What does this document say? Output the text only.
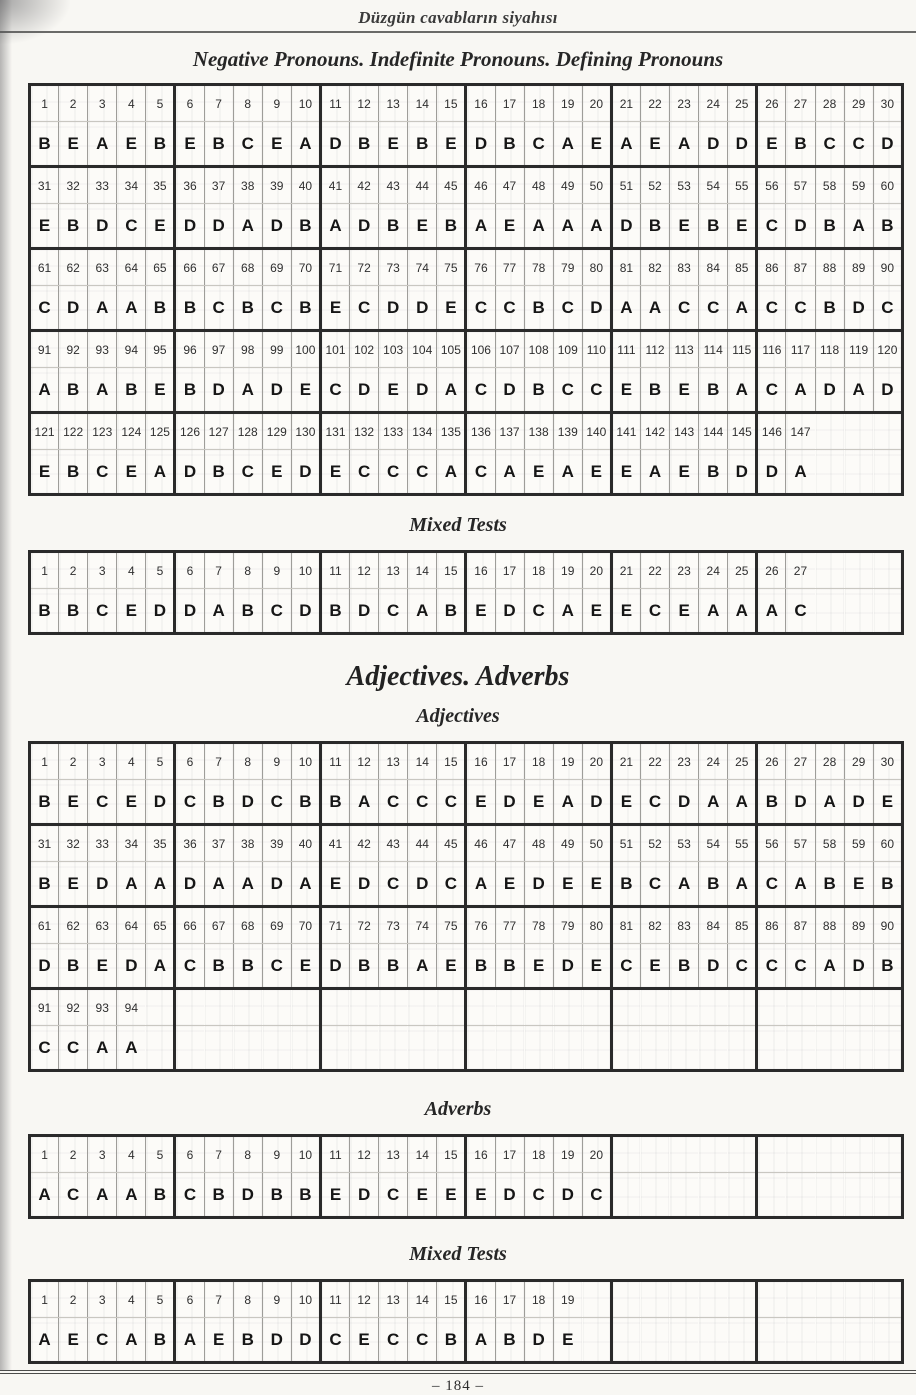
Düzgün cavabların siyahısı
Negative Pronouns. Indefinite Pronouns. Defining Pronouns
1	2	3	4	5	6	7	8	9	10	11	12	13	14	15	16	17	18	19	20	21	22	23	24	25	26	27	28	29	30
B	E	A	E	B	E	B	C	E	A	D	B	E	B	E	D	B	C	A	E	A	E	A	D	D	E	B	C	C	D
31	32	33	34	35	36	37	38	39	40	41	42	43	44	45	46	47	48	49	50	51	52	53	54	55	56	57	58	59	60
E	B	D	C	E	D	D	A	D	B	A	D	B	E	B	A	E	A	A	A	D	B	E	B	E	C	D	B	A	B
61	62	63	64	65	66	67	68	69	70	71	72	73	74	75	76	77	78	79	80	81	82	83	84	85	86	87	88	89	90
C	D	A	A	B	B	C	B	C	B	E	C	D	D	E	C	C	B	C	D	A	A	C	C	A	C	C	B	D	C
91	92	93	94	95	96	97	98	99	100	101	102	103	104	105	106	107	108	109	110	111	112	113	114	115	116	117	118	119	120
A	B	A	B	E	B	D	A	D	E	C	D	E	D	A	C	D	B	C	C	E	B	E	B	A	C	A	D	A	D
121	122	123	124	125	126	127	128	129	130	131	132	133	134	135	136	137	138	139	140	141	142	143	144	145	146	147			
E	B	C	E	A	D	B	C	E	D	E	C	C	C	A	C	A	E	A	E	E	A	E	B	D	D	A			
Mixed Tests
1	2	3	4	5	6	7	8	9	10	11	12	13	14	15	16	17	18	19	20	21	22	23	24	25	26	27			
B	B	C	E	D	D	A	B	C	D	B	D	C	A	B	E	D	C	A	E	E	C	E	A	A	A	C			
Adjectives. Adverbs
Adjectives
1	2	3	4	5	6	7	8	9	10	11	12	13	14	15	16	17	18	19	20	21	22	23	24	25	26	27	28	29	30
B	E	C	E	D	C	B	D	C	B	B	A	C	C	C	E	D	E	A	D	E	C	D	A	A	B	D	A	D	E
31	32	33	34	35	36	37	38	39	40	41	42	43	44	45	46	47	48	49	50	51	52	53	54	55	56	57	58	59	60
B	E	D	A	A	D	A	A	D	A	E	D	C	D	C	A	E	D	E	E	B	C	A	B	A	C	A	B	E	B
61	62	63	64	65	66	67	68	69	70	71	72	73	74	75	76	77	78	79	80	81	82	83	84	85	86	87	88	89	90
D	B	E	D	A	C	B	B	C	E	D	B	B	A	E	B	B	E	D	E	C	E	B	D	C	C	C	A	D	B
91	92	93	94																										
C	C	A	A																										
Adverbs
1	2	3	4	5	6	7	8	9	10	11	12	13	14	15	16	17	18	19	20										
A	C	A	A	B	C	B	D	B	B	E	D	C	E	E	E	D	C	D	C										
Mixed Tests
1	2	3	4	5	6	7	8	9	10	11	12	13	14	15	16	17	18	19											
A	E	C	A	B	A	E	B	D	D	C	E	C	C	B	A	B	D	E											
– 184 –
